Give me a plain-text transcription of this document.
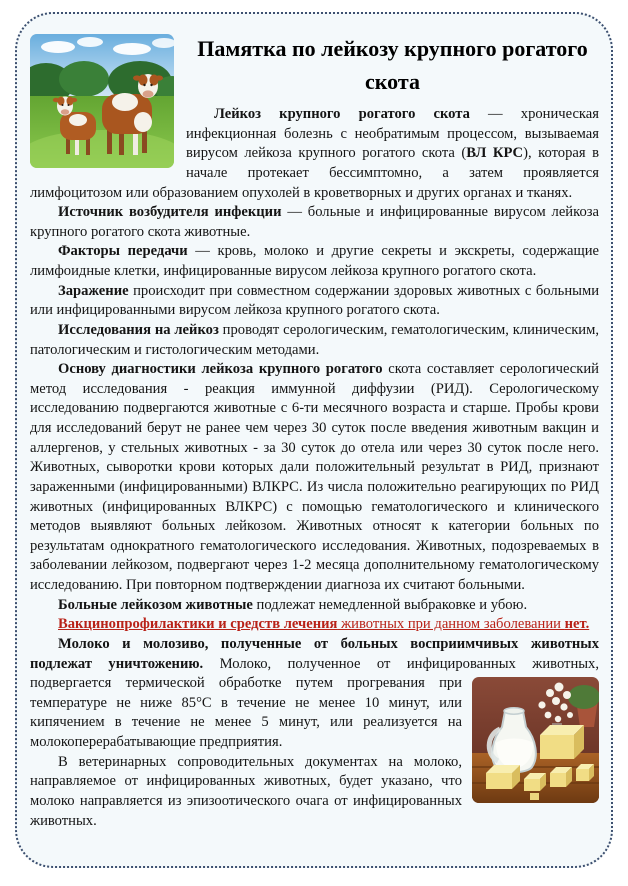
Памятка по лейкозу крупного рогатого скота
Лейкоз крупного рогатого скота — хроническая инфекционная болезнь с необратимым процессом, вызываемая вирусом лейкоза крупного рогатого скота (ВЛ КРС), которая в начале протекает бессимптомно, а затем проявляется лимфоцитозом или образованием опухолей в кроветворных и других органах и тканях.
Источник возбудителя инфекции — больные и инфицированные вирусом лейкоза крупного рогатого скота животные.
Факторы передачи — кровь, молоко и другие секреты и экскреты, содержащие лимфоидные клетки, инфицированные вирусом лейкоза крупного рогатого скота.
Заражение происходит при совместном содержании здоровых животных с больными или инфицированными вирусом лейкоза крупного рогатого скота.
Исследования на лейкоз проводят серологическим, гематологическим, клиническим, патологическим и гистологическим методами.
Основу диагностики лейкоза крупного рогатого скота составляет серологический метод исследования - реакция иммунной диффузии (РИД). Серологическому исследованию подвергаются животные с 6-ти месячного возраста и старше. Пробы крови для исследований берут не ранее чем через 30 суток после введения животным вакцин и аллергенов, у стельных животных - за 30 суток до отела или через 30 суток после него. Животных, сыворотки крови которых дали положительный результат в РИД, признают зараженными (инфицированными) ВЛКРС. Из числа положительно реагирующих по РИД животных (инфицированных ВЛКРС) с помощью гематологического и клинического методов выявляют больных лейкозом. Животных относят к категории больных по результатам однократного гематологического исследования. Животных, подозреваемых в заболевании лейкозом, подвергают через 1-2 месяца дополнительному гематологическому исследованию. При повторном подтверждении диагноза их считают больными.
Больные лейкозом животные подлежат немедленной выбраковке и убою.
Вакцинопрофилактики и средств лечения животных при данном заболевании нет.
Молоко и молозиво, полученные от больных восприимчивых животных подлежат уничтожению. Молоко, полученное от инфицированных животных,
подвергается термической обработке путем прогревания при температуре не ниже 85°С в течение не менее 10 минут, или кипячением в течение не менее 5 минут, или реализуется на молокоперерабатывающие предприятия.
В ветеринарных сопроводительных документах на молоко, направляемое от инфицированных животных, будет указано, что молоко направляется из эпизоотического очага от инфицированных животных.
